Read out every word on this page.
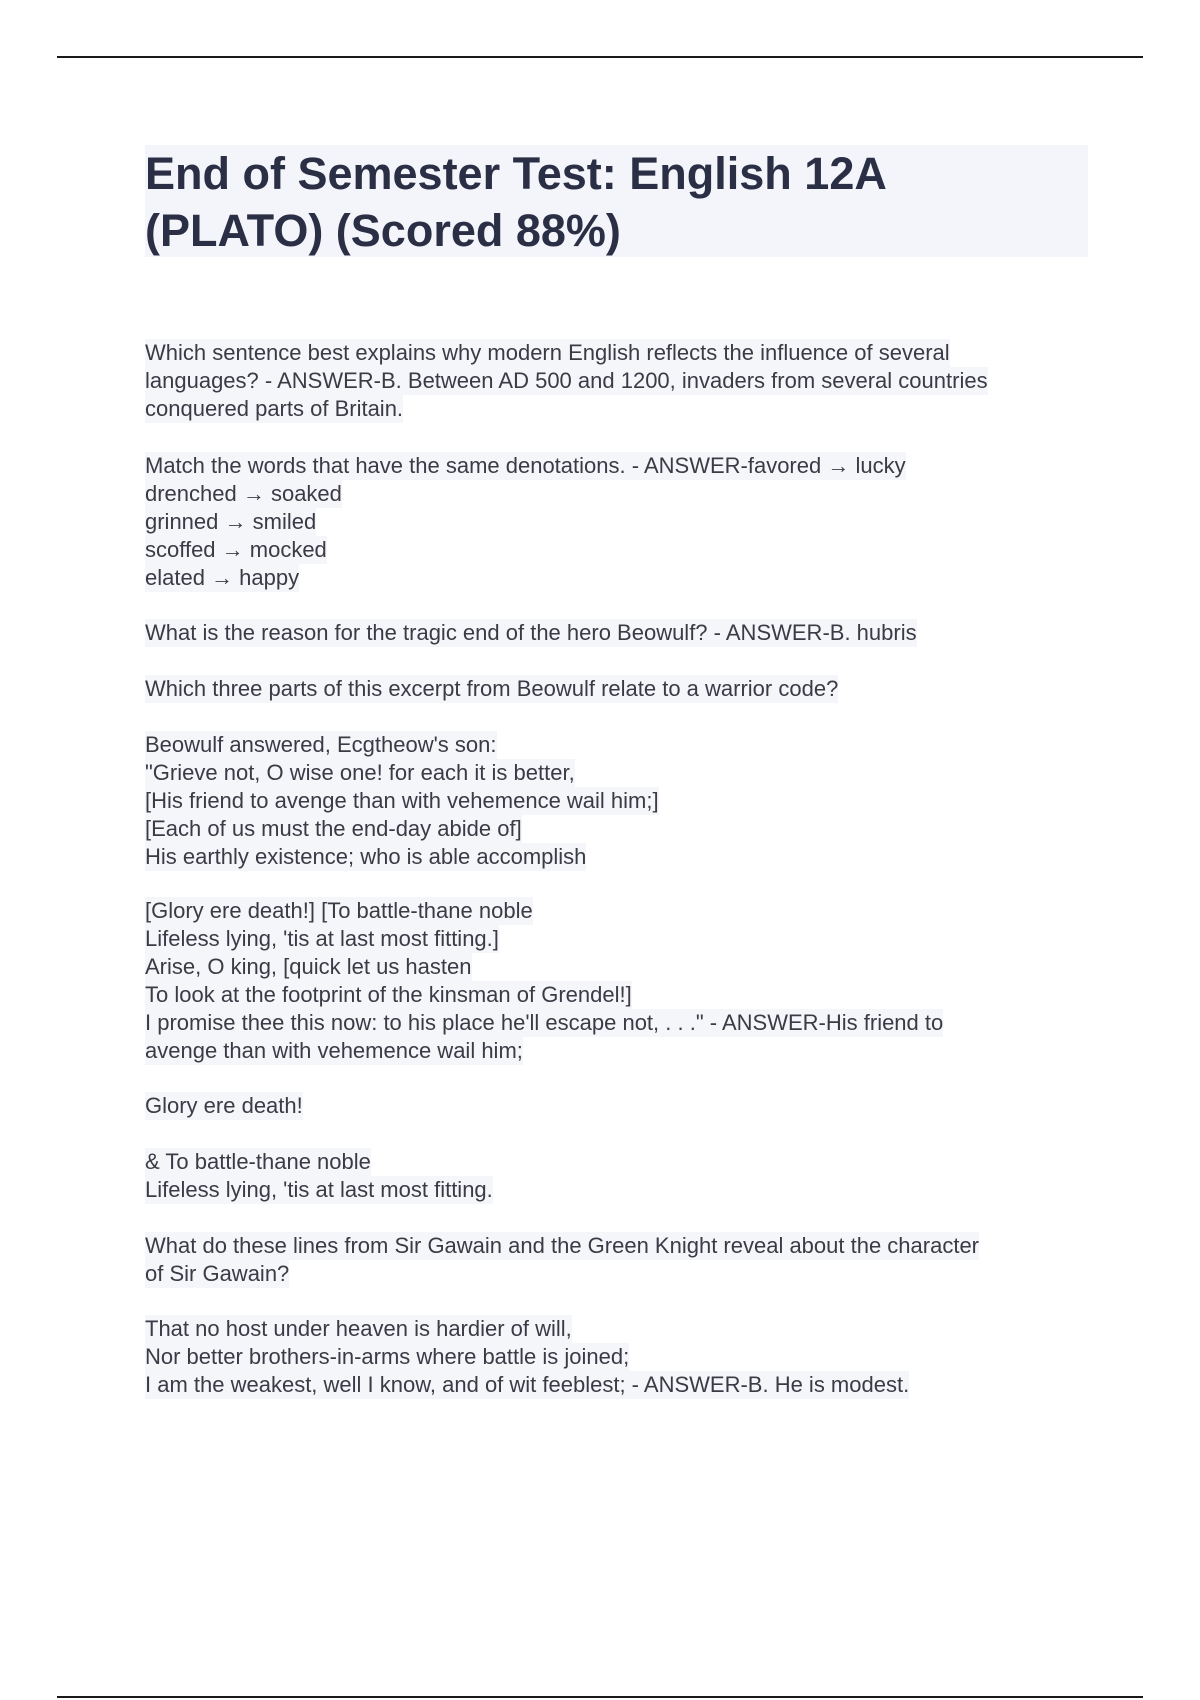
End of Semester Test: English 12A
(PLATO) (Scored 88%)
Which sentence best explains why modern English reflects the influence of several
languages? - ANSWER-B. Between AD 500 and 1200, invaders from several countries
conquered parts of Britain.
Match the words that have the same denotations. - ANSWER-favored → lucky
drenched → soaked
grinned → smiled
scoffed → mocked
elated → happy
What is the reason for the tragic end of the hero Beowulf? - ANSWER-B. hubris
Which three parts of this excerpt from Beowulf relate to a warrior code?
Beowulf answered, Ecgtheow's son:
"Grieve not, O wise one! for each it is better,
[His friend to avenge than with vehemence wail him;]
[Each of us must the end-day abide of]
His earthly existence; who is able accomplish
[Glory ere death!] [To battle-thane noble
Lifeless lying, 'tis at last most fitting.]
Arise, O king, [quick let us hasten
To look at the footprint of the kinsman of Grendel!]
I promise thee this now: to his place he'll escape not, . . ." - ANSWER-His friend to
avenge than with vehemence wail him;
Glory ere death!
& To battle-thane noble
Lifeless lying, 'tis at last most fitting.
What do these lines from Sir Gawain and the Green Knight reveal about the character
of Sir Gawain?
That no host under heaven is hardier of will,
Nor better brothers-in-arms where battle is joined;
I am the weakest, well I know, and of wit feeblest; - ANSWER-B. He is modest.
